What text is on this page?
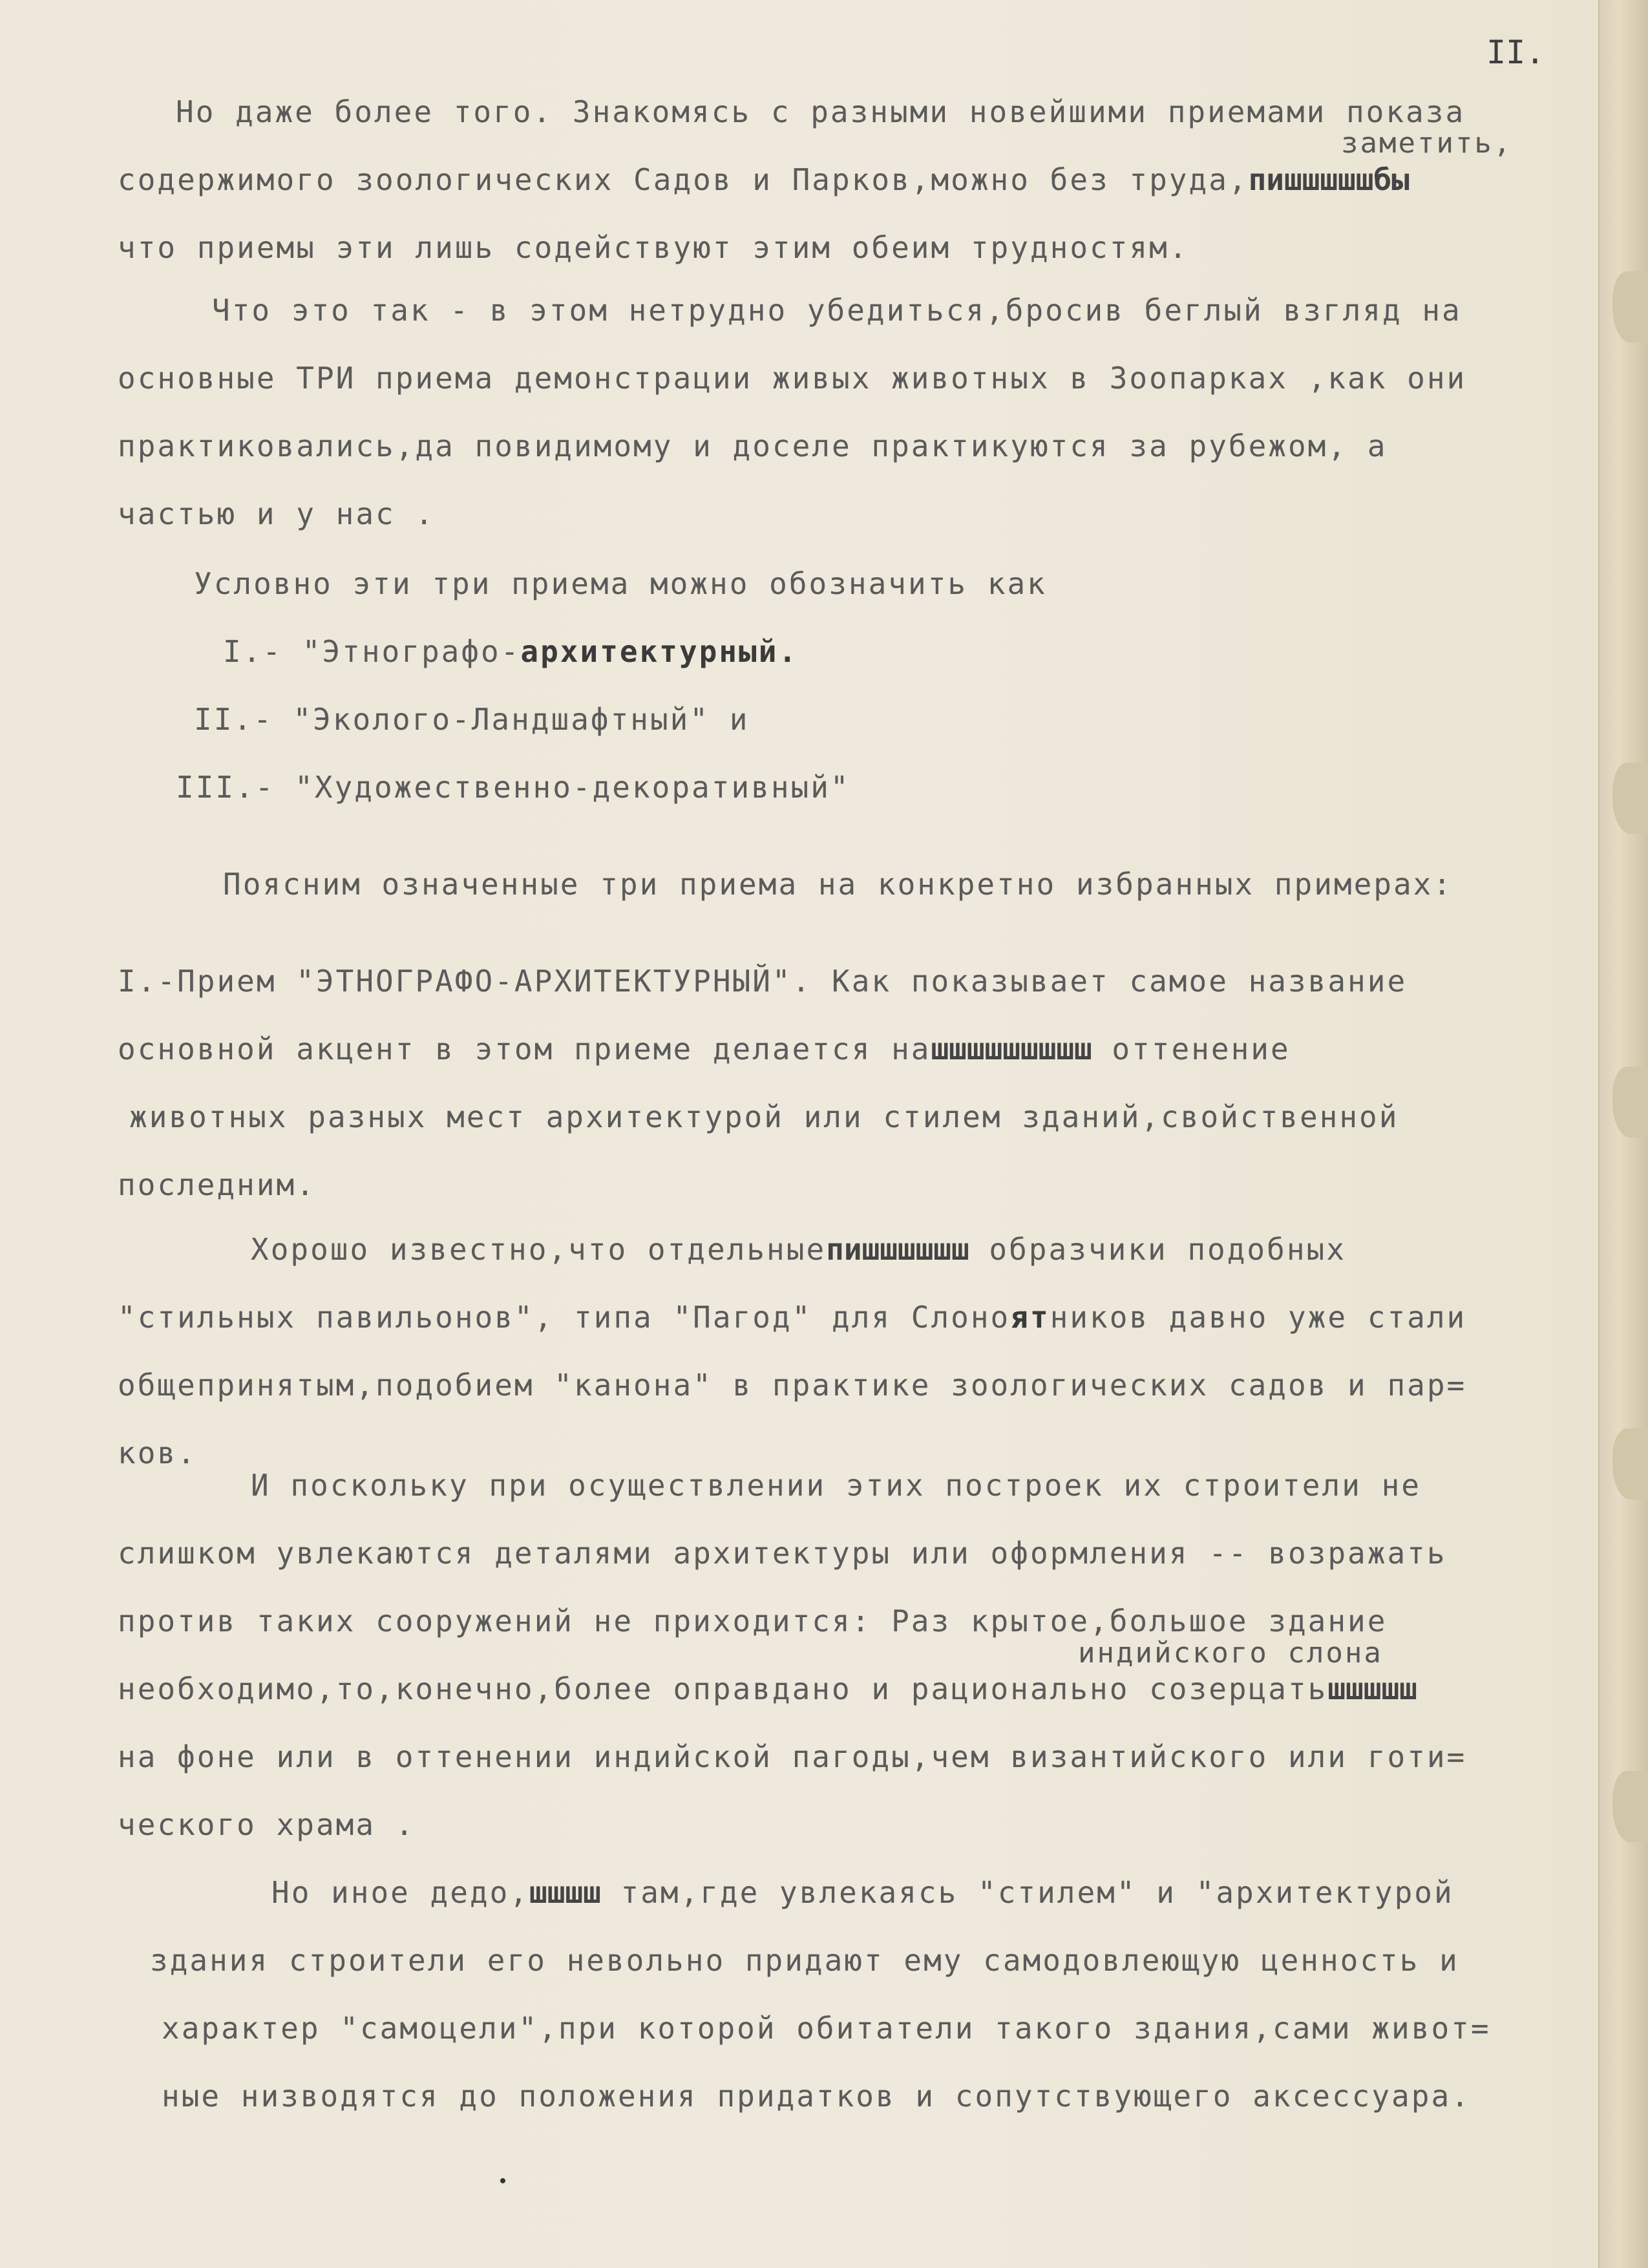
II.
Но даже более того. Знакомясь с разными новейшими приемами показа
заметить,
содержимого зоологических Садов и Парков,можно без труда,пишшшшшбы
что приемы эти лишь содействуют этим обеим трудностям.
Что это так - в этом нетрудно убедиться,бросив беглый взгляд на
основные ТРИ приема демонстрации живых животных в Зоопарках ,как они
практиковались,да повидимому и доселе практикуются за рубежом, а
частью и у нас .
Условно эти три приема можно обозначить как
I.- "Этнографо-архитектурный.
II.- "Эколого-Ландшафтный" и
III.- "Художественно-декоративный"
Поясним означенные три приема на конкретно избранных примерах:
I.-Прием "ЭТНОГРАФО-АРХИТЕКТУРНЫЙ". Как показывает самое название
основной акцент в этом приеме делается нашшшшшшшшш оттенение
животных разных мест архитектурой или стилем зданий,свойственной
последним.
Хорошо известно,что отдельныепишшшшшш образчики подобных
"стильных павильонов", типа "Пагод" для Слоноятников давно уже стали
общепринятым,подобием "канона" в практике зоологических садов и пар=
ков.
И поскольку при осуществлении этих построек их строители не
слишком увлекаются деталями архитектуры или оформления -- возражать
против таких сооружений не приходится: Раз крытое,большое здание
индийского слона
необходимо,то,конечно,более оправдано и рационально созерцатьшшшшш
на фоне или в оттенении индийской пагоды,чем византийского или готи=
ческого храма .
Но иное дедо,шшшш там,где увлекаясь "стилем" и "архитектурой
здания строители его невольно придают ему самодовлеющую ценность и
характер "самоцели",при которой обитатели такого здания,сами живот=
ные низводятся до положения придатков и сопутствующего аксессуара.
